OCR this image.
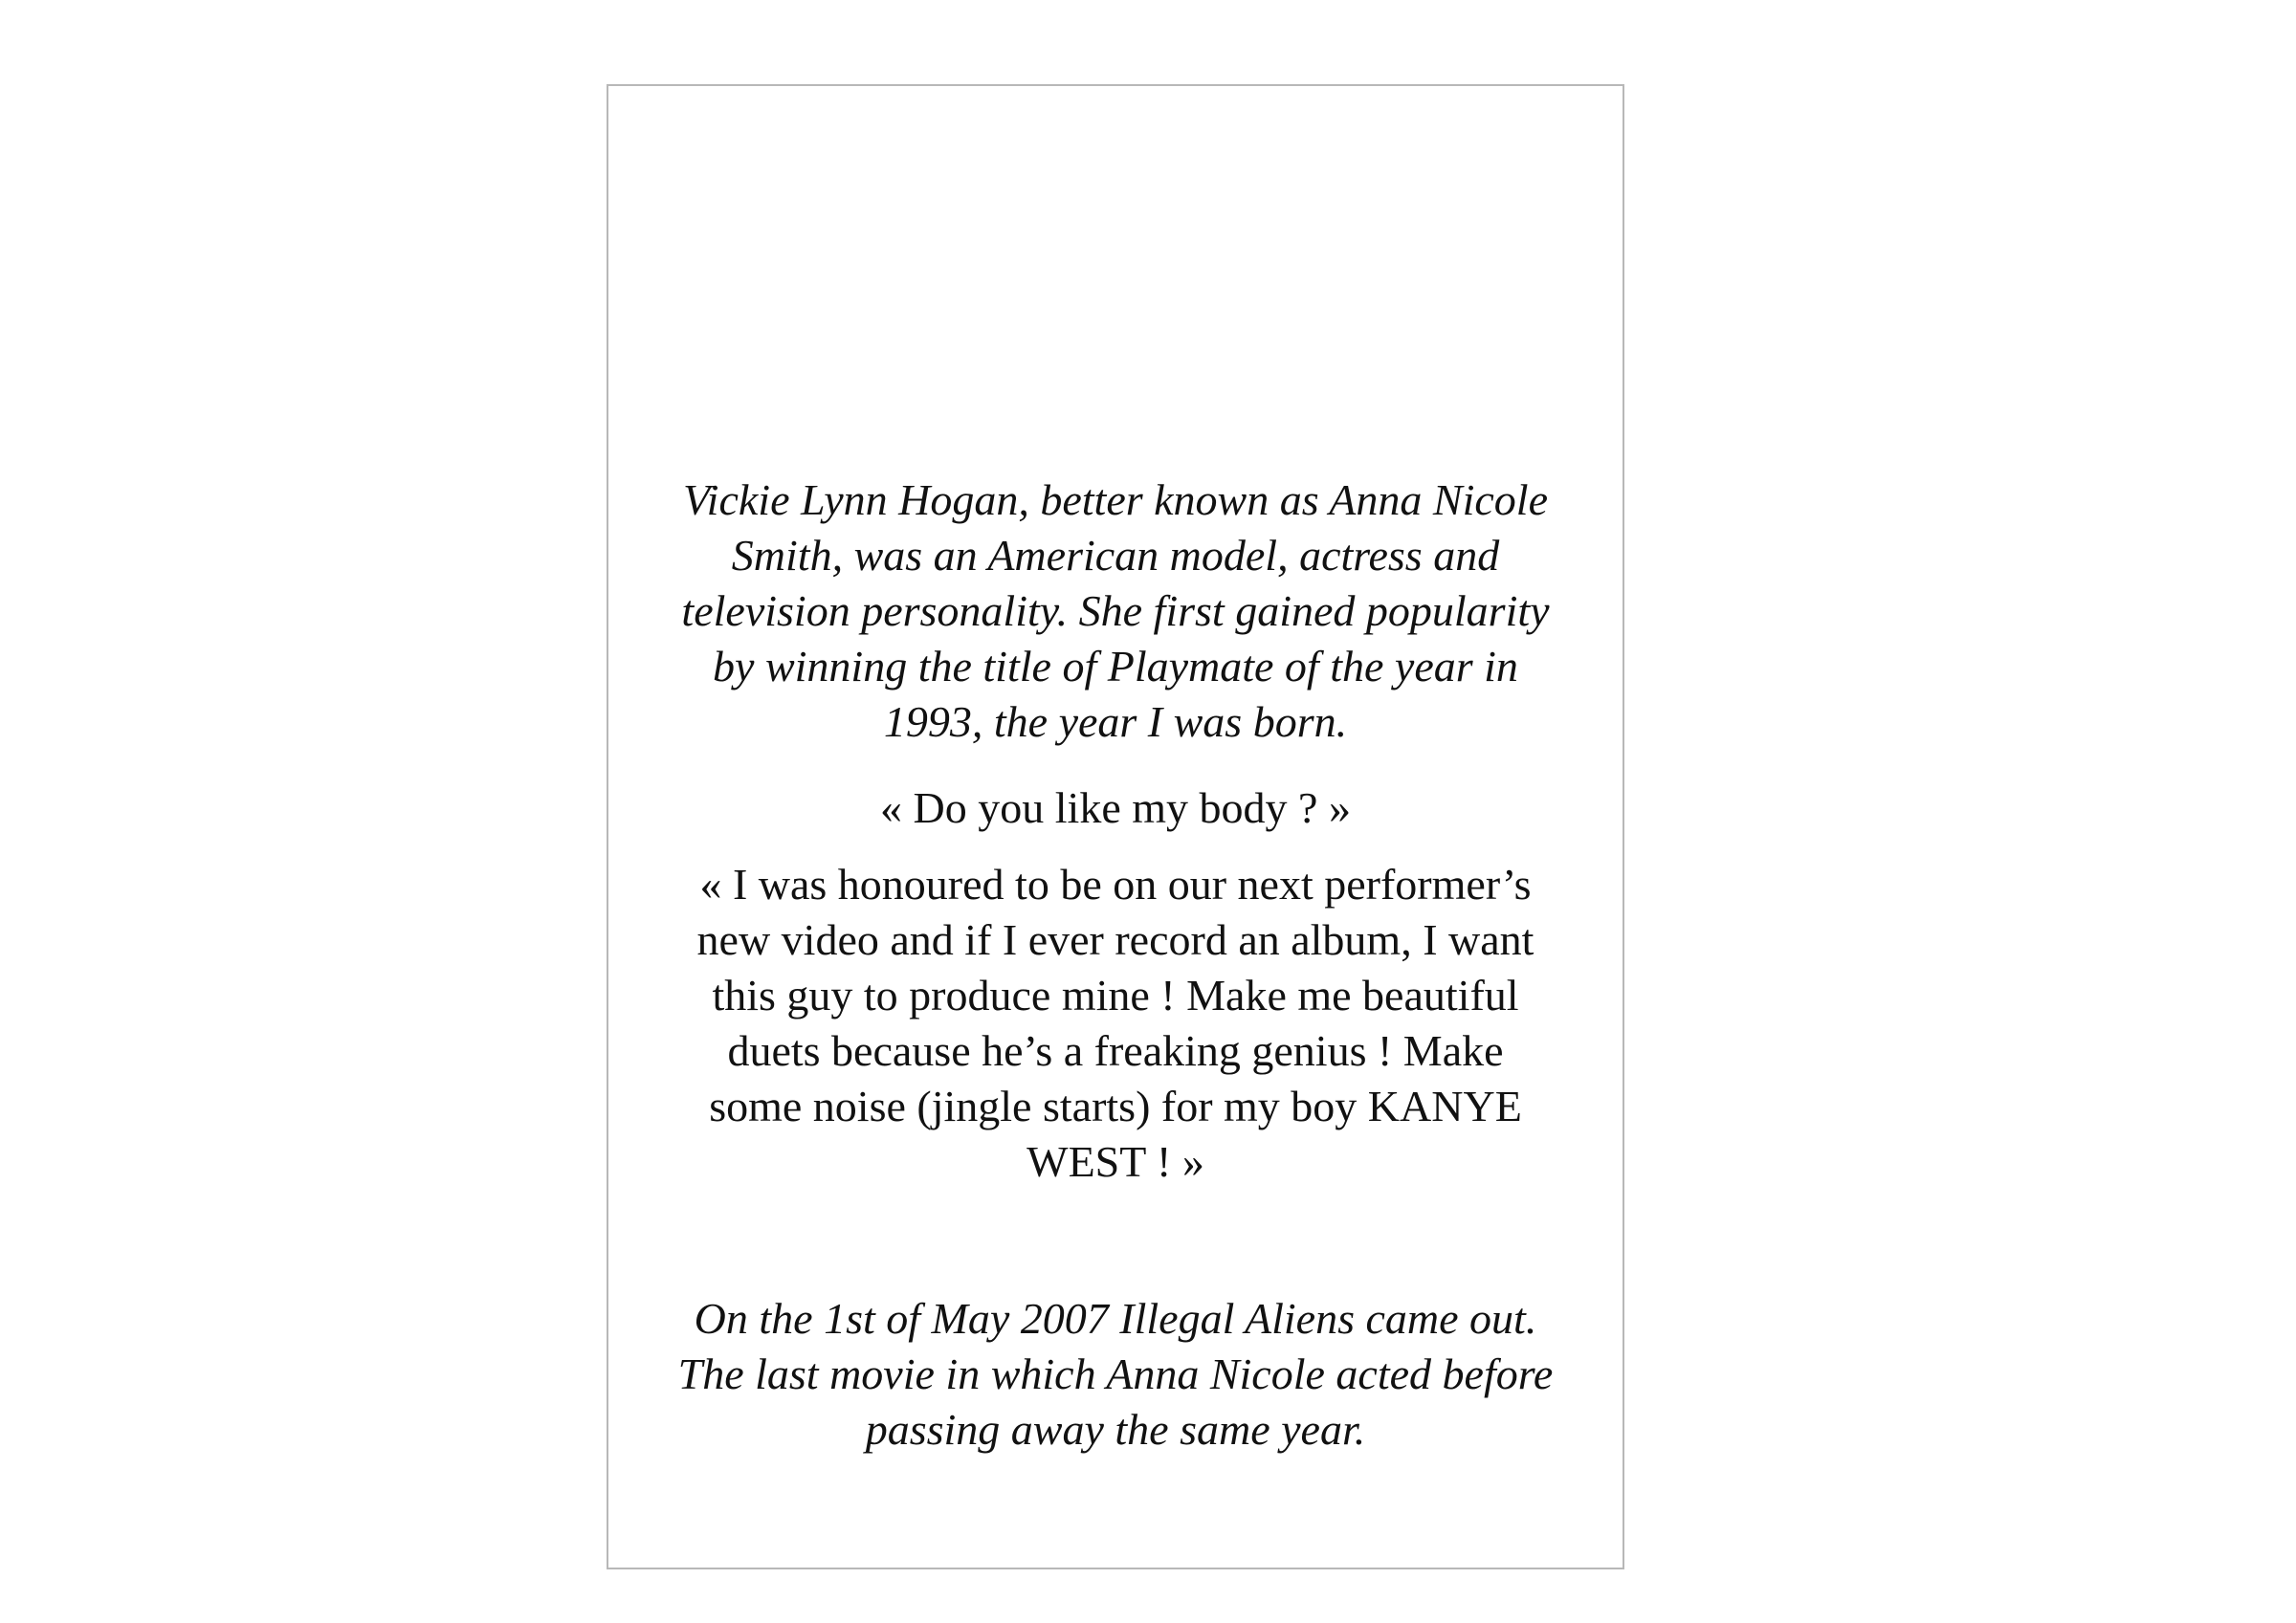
Vickie Lynn Hogan, better known as Anna Nicole Smith, was an American model, actress and television personality. She first gained popularity by winning the title of Playmate of the year in 1993, the year I was born.

« Do you like my body ? »

« I was honoured to be on our next performer’s new video and if I ever record an album, I want this guy to produce mine ! Make me beautiful duets because he’s a freaking genius ! Make some noise (jingle starts) for my boy KANYE WEST ! »

On the 1st of May 2007 Illegal Aliens came out. The last movie in which Anna Nicole acted before passing away the same year.
